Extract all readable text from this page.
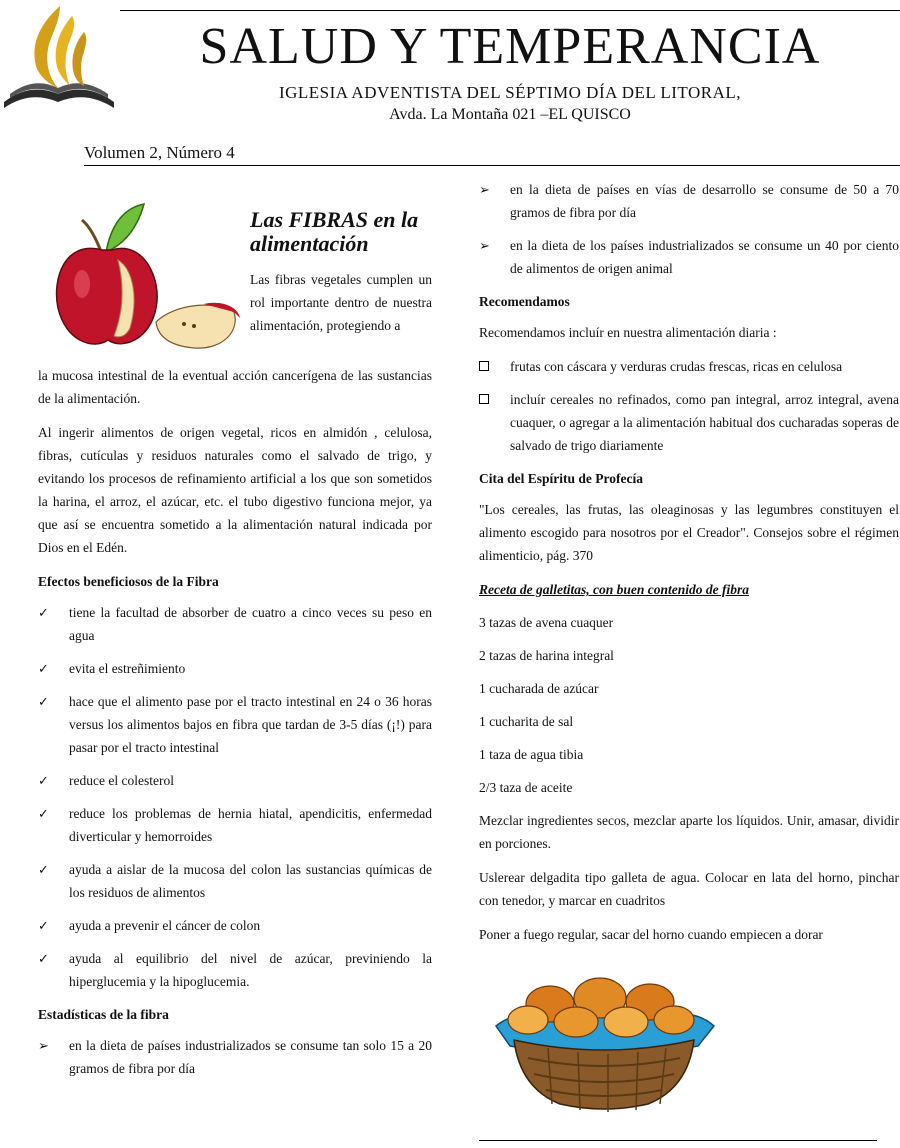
SALUD Y TEMPERANCIA
IGLESIA ADVENTISTA DEL SÉPTIMO DÍA DEL LITORAL,
Avda. La Montaña 021 –EL QUISCO
Volumen 2, Número 4
Las FIBRAS en la alimentación

Las fibras vegetales cumplen un rol importante dentro de nuestra alimentación, protegiendo a

la mucosa intestinal de la eventual acción cancerígena de las sustancias de la alimentación.

Al ingerir alimentos de origen vegetal, ricos en almidón , celulosa, fibras, cutículas y residuos naturales como el salvado de trigo, y evitando los procesos de refinamiento artificial a los que son sometidos la harina, el arroz, el azúcar, etc. el tubo digestivo funciona mejor, ya que así se encuentra sometido a la alimentación natural indicada por Dios en el Edén.

Efectos beneficiosos de la Fibra
✓ tiene la facultad de absorber de cuatro a cinco veces su peso en agua
✓ evita el estreñimiento
✓ hace que el alimento pase por el tracto intestinal en 24 o 36 horas versus los alimentos bajos en fibra que tardan de 3-5 días (¡!) para pasar por el tracto intestinal
✓ reduce el colesterol
✓ reduce los problemas de hernia hiatal, apendicitis, enfermedad diverticular y hemorroides
✓ ayuda a aislar de la mucosa del colon las sustancias químicas de los residuos de alimentos
✓ ayuda a prevenir el cáncer de colon
✓ ayuda al equilibrio del nivel de azúcar, previniendo la hiperglucemia y la hipoglucemia.
Estadísticas de la fibra
➢ en la dieta de países industrializados se consume tan solo 15 a 20 gramos de fibra por día
➢ en la dieta de países en vías de desarrollo se consume de 50 a 70 gramos de fibra por día
➢ en la dieta de los países industrializados se consume un 40 por ciento de alimentos de origen animal
Recomendamos

Recomendamos incluír en nuestra alimentación diaria :

frutas con cáscara y verduras crudas frescas, ricas en celulosa
incluír cereales no refinados, como pan integral, arroz integral, avena cuaquer, o agregar a la alimentación habitual dos cucharadas soperas de salvado de trigo diariamente
Cita del Espíritu de Profecía

"Los cereales, las frutas, las oleaginosas y las legumbres constituyen el alimento escogido para nosotros por el Creador". Consejos sobre el régimen alimenticio, pág. 370

Receta de galletitas, con buen contenido de fibra
3 tazas de avena cuaquer
2 tazas de harina integral
1 cucharada de azúcar
1 cucharita de sal
1 taza de agua tibia
2/3 taza de aceite

Mezclar ingredientes secos, mezclar aparte los líquidos. Unir, amasar, dividir en porciones.

Uslerear delgadita tipo galleta de agua. Colocar en lata del horno, pinchar con tenedor, y marcar en cuadritos

Poner a fuego regular, sacar del horno cuando empiecen a dorar
